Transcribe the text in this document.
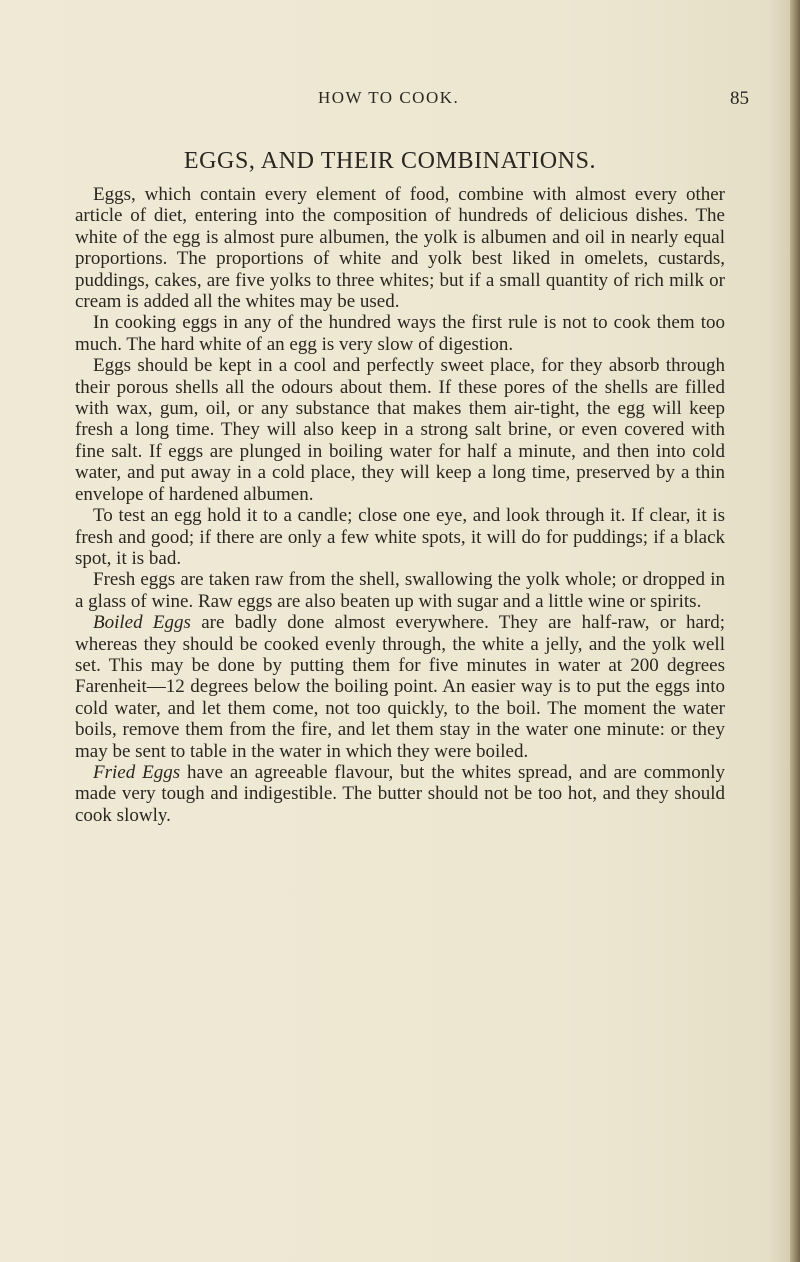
HOW TO COOK.	85
EGGS, AND THEIR COMBINATIONS.

Eggs, which contain every element of food, combine with almost every other article of diet, entering into the composition of hundreds of delicious dishes. The white of the egg is almost pure albumen, the yolk is albumen and oil in nearly equal proportions. The proportions of white and yolk best liked in omelets, custards, puddings, cakes, are five yolks to three whites; but if a small quantity of rich milk or cream is added all the whites may be used.

In cooking eggs in any of the hundred ways the first rule is not to cook them too much. The hard white of an egg is very slow of digestion.

Eggs should be kept in a cool and perfectly sweet place, for they absorb through their porous shells all the odours about them. If these pores of the shells are filled with wax, gum, oil, or any substance that makes them air-tight, the egg will keep fresh a long time. They will also keep in a strong salt brine, or even covered with fine salt. If eggs are plunged in boiling water for half a minute, and then into cold water, and put away in a cold place, they will keep a long time, preserved by a thin envelope of hardened albumen.

To test an egg hold it to a candle; close one eye, and look through it. If clear, it is fresh and good; if there are only a few white spots, it will do for puddings; if a black spot, it is bad.

Fresh eggs are taken raw from the shell, swallowing the yolk whole; or dropped in a glass of wine. Raw eggs are also beaten up with sugar and a little wine or spirits.

Boiled Eggs are badly done almost everywhere. They are half-raw, or hard; whereas they should be cooked evenly through, the white a jelly, and the yolk well set. This may be done by putting them for five minutes in water at 200 degrees Farenheit—12 degrees below the boiling point. An easier way is to put the eggs into cold water, and let them come, not too quickly, to the boil. The moment the water boils, remove them from the fire, and let them stay in the water one minute: or they may be sent to table in the water in which they were boiled.

Fried Eggs have an agreeable flavour, but the whites spread, and are commonly made very tough and indigestible. The butter should not be too hot, and they should cook slowly.
